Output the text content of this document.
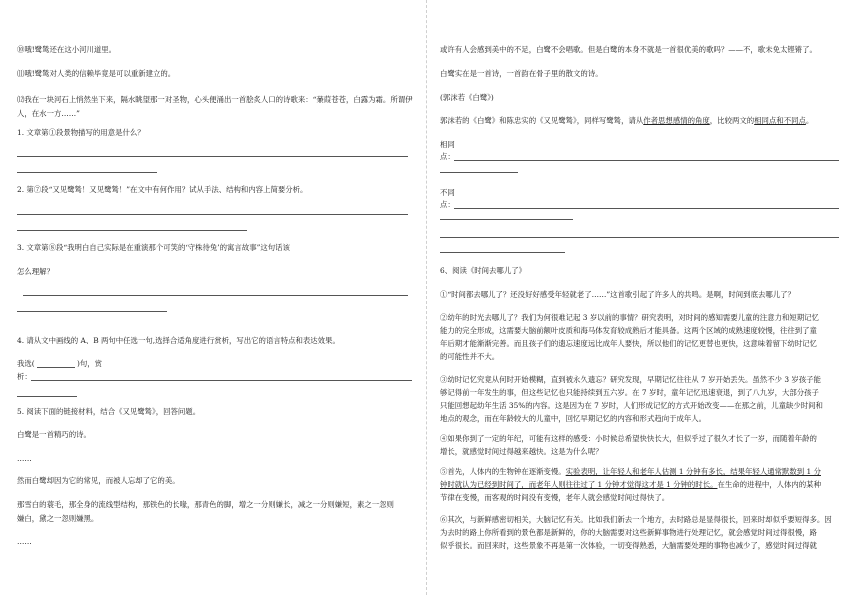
⑩哦!鹭鸶还在这小河川道里。
⑾哦!鹭鸶对人类的信赖毕竟是可以重新建立的。
⑿我在一块河石上悄然坐下来，隔水眺望那一对圣物，心头便涌出一首脍炙人口的诗歌来：“蒹葭苍苍，白露为霜。所谓伊人，在水一方……”
1. 文章第①段景物描写的用意是什么？
2. 第⑦段“又见鹭鸶！又见鹭鸶！”在文中有何作用？试从手法、结构和内容上简要分析。
3. 文章第⑧段“我明白自己实际是在重演那个可笑的‘守株待兔’的寓言故事”这句话该
怎么理解？
4. 请从文中画线的 A、B 两句中任选一句,选择合适角度进行赏析，写出它的语言特点和表达效果。
我选(	)句，赏
析：
5. 阅读下面的链接材料，结合《又见鹭鸶》，回答问题。
白鹭是一首精巧的诗。
……
然而白鹭却因为它的常见，而被人忘却了它的美。
那雪白的蓑毛，那全身的流线型结构，那铁色的长喙，那青色的脚，增之一分则嫌长，减之一分则嫌短，素之一忽则
嫌白，黛之一忽则嫌黑。
……
或许有人会感到美中的不足，白鹭不会唱歌。但是白鹭的本身不就是一首很优美的歌吗？——不，歌未免太铿锵了。
白鹭实在是一首诗，一首韵在骨子里的散文的诗。
(郭沫若《白鹭》)
郭沫若的《白鹭》和陈忠实的《又见鹭鸶》，同样写鹭鸶，请从作者思想感情的角度，比较两文的相同点和不同点。
相同
点：
不同
点：
6、阅读《时间去哪儿了》
①“时间都去哪儿了？还没好好感受年轻就老了……”这首歌引起了许多人的共鸣。是啊，时间到底去哪儿了？
②幼年的时光去哪儿了？我们为何很难记起 3 岁以前的事情？研究表明，对时间的感知需要儿童的注意力和短期记忆
能力的完全形成，这需要大脑前额叶皮质和海马体发育较成熟后才能具备。这两个区域的成熟速度较慢，往往到了童
年后期才能渐渐完善。而且孩子们的遗忘速度远比成年人要快，所以他们的记忆更替也更快，这意味着留下幼时记忆
的可能性并不大。
③幼时记忆究竟从何时开始模糊，直到被永久遗忘？研究发现，早期记忆往往从 7 岁开始丢失。虽然不少 3 岁孩子能
够记得前一年发生的事，但这些记忆也只能持续到五六岁。在 7 岁时，童年记忆迅速衰退，到了八九岁，大部分孩子
只能回想起幼年生活 35%的内容。这是因为在 7 岁时，人们形成记忆的方式开始改变——在那之前，儿童缺少时间和
地点的观念，而在年龄较大的儿童中，回忆早期记忆的内容和形式趋向于成年人。
④如果你到了一定的年纪，可能有这样的感受：小时候总希望快快长大，但似乎过了很久才长了一岁，而随着年龄的
增长，就感觉时间过得越来越快。这是为什么呢？
⑤首先，人体内的生物钟在逐渐变慢。实验表明，让年轻人和老年人估测 1 分钟有多长，结果年轻人通常默数到 1 分
钟时就认为已经到时间了，而老年人则往往过了 1 分钟才觉得这才是 1 分钟的时长。在生命的进程中，人体内的某种
节律在变慢，而客观的时间没有变慢，老年人就会感觉时间过得快了。
⑥其次，与新鲜感密切相关，大脑记忆有关。比如我们新去一个地方，去时路总是显得很长，回来时却似乎要短得多。因
为去时的路上你所看到的景色都是新鲜的，你的大脑需要对这些新鲜事物进行处理记忆，就会感觉时间过得很慢，路
似乎很长。而回来时，这些景象不再是第一次体验，一切变得熟悉，大脑需要处理的事物也减少了，感觉时间过得就
